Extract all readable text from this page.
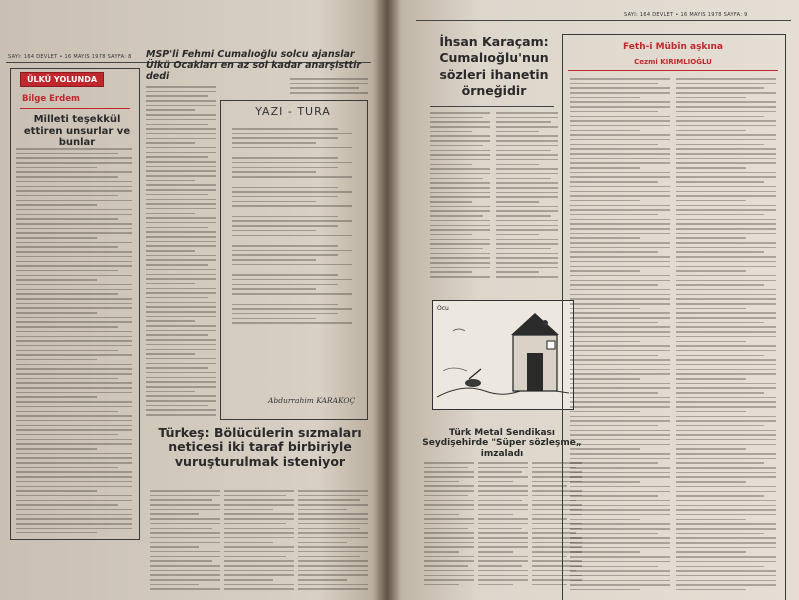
SAYI: 164 DEVLET • 16 MAYIS 1978 SAYFA: 8
ÜLKÜ YOLUNDA
Bilge Erdem
Milleti teşekkül ettiren unsurlar ve bunlar
MSP'li Fehmi Cumalıoğlu solcu ajanslar Ülkü Ocakları en az sol kadar anarşisttir dedi
YAZI - TURA
Abdurrahim KARAKOÇ
Türkeş: Bölücülerin sızmaları neticesi iki taraf birbiriyle vuruşturulmak isteniyor
SAYI: 164 DEVLET • 16 MAYIS 1978 SAYFA: 9
İhsan Karaçam: Cumalıoğlu'nun sözleri ihanetin örneğidir
Ocu
Türk Metal Sendikası Seydişehirde "Süper sözleşme„ imzaladı
Feth-i Mübîn aşkına
Cezmi KIRIMLIOĞLU
